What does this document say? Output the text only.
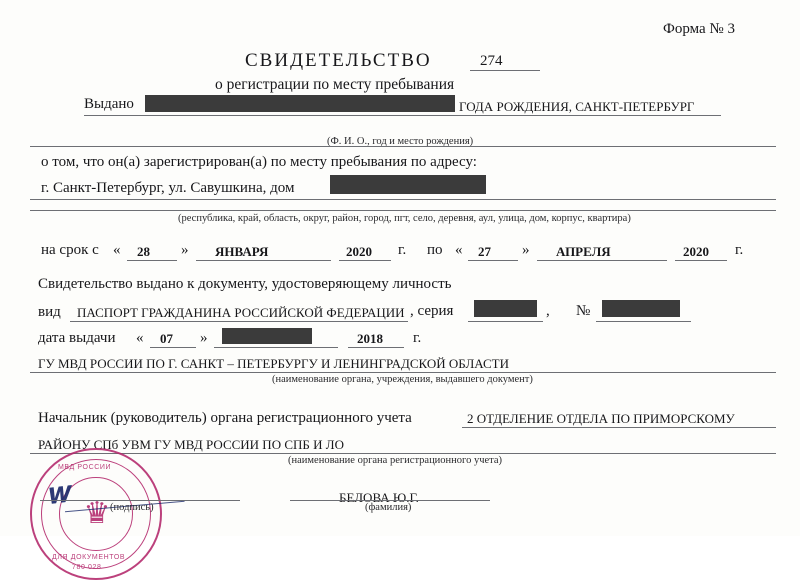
Форма № 3
СВИДЕТЕЛЬСТВО	274
о регистрации по месту пребывания
Выдано	ГОДА РОЖДЕНИЯ, САНКТ-ПЕТЕРБУРГ
(Ф. И. О., год и место рождения)
о том, что он(а) зарегистрирован(а) по месту пребывания по адресу:
г. Санкт-Петербург, ул. Савушкина, дом
(республика, край, область, округ, район, город, пгт, село, деревня, аул, улица, дом, корпус, квартира)
на срок с « 28 » ЯНВАРЯ	2020 г. по « 27 » АПРЕЛЯ	2020 г.
Свидетельство выдано к документу, удостоверяющему личность
вид ПАСПОРТ ГРАЖДАНИНА РОССИЙСКОЙ ФЕДЕРАЦИИ , серия	, №
дата выдачи « 07 »	2018 г.
ГУ МВД РОССИИ ПО Г. САНКТ – ПЕТЕРБУРГУ И ЛЕНИНГРАДСКОЙ ОБЛАСТИ
(наименование органа, учреждения, выдавшего документ)
Начальник (руководитель) органа регистрационного учета	2 ОТДЕЛЕНИЕ ОТДЕЛА ПО ПРИМОРСКОМУ
РАЙОНУ СПб УВМ ГУ МВД РОССИИ ПО СПБ И ЛО
(наименование органа регистрационного учета)
♛
МВД РОССИИ
ДЛЯ ДОКУМЕНТОВ
780 028
𝐰  	(подпись)
БЕЛОВА Ю.Г.
(фамилия)
